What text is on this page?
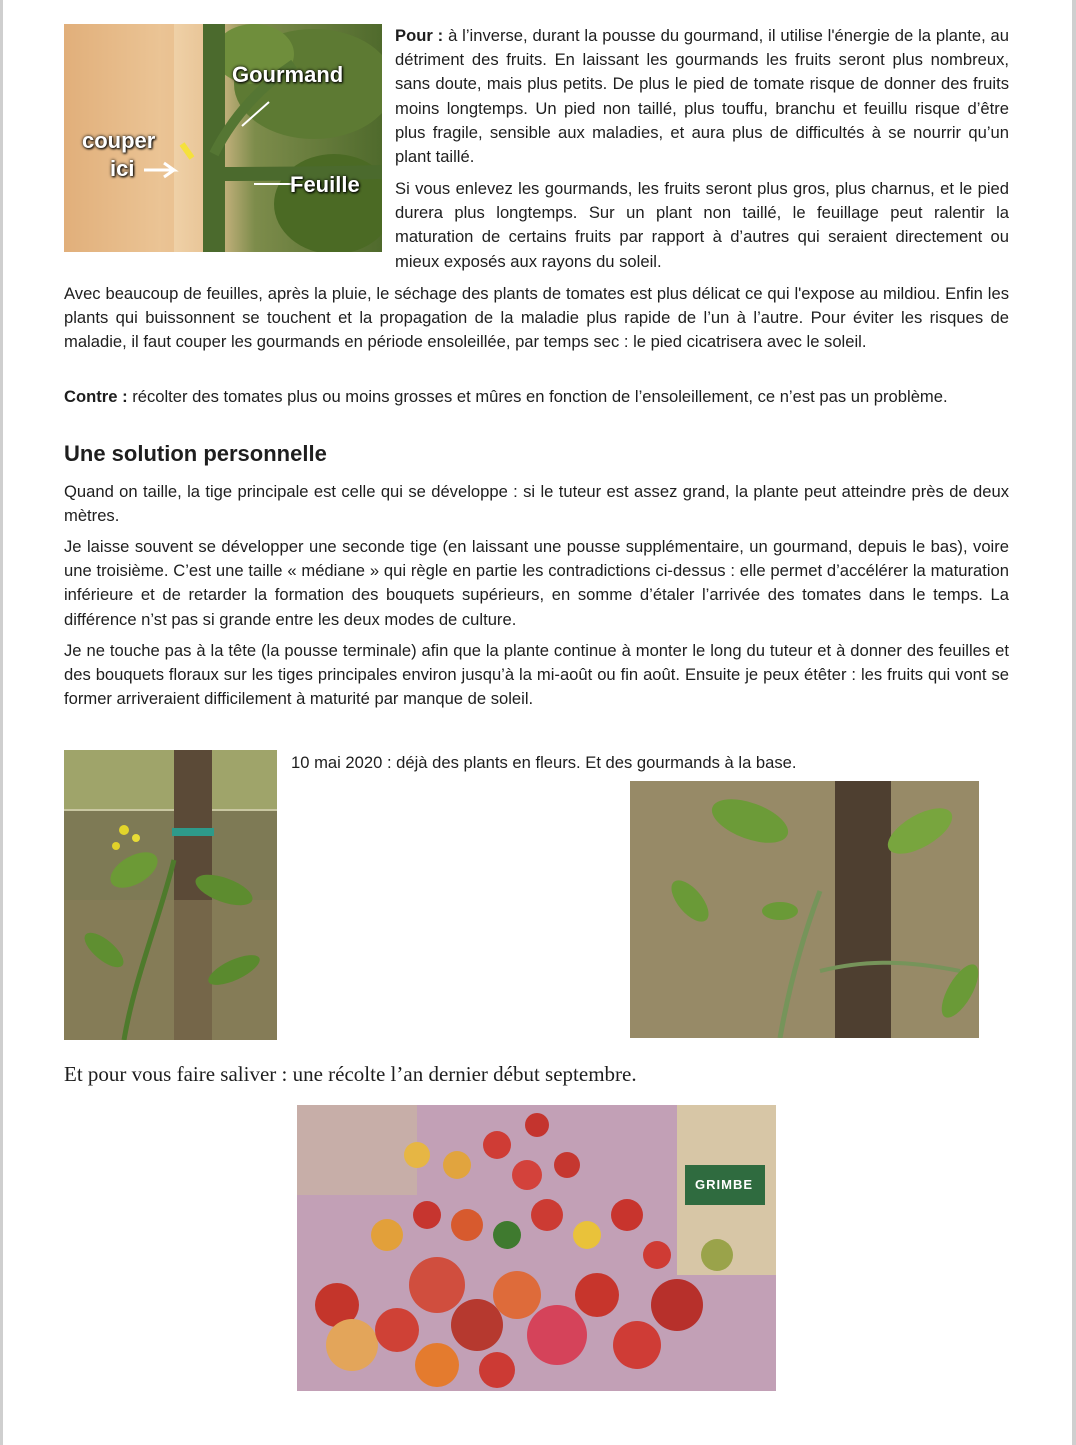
Gourmand
couper
ici
Feuille

Pour : à l’inverse, durant la pousse du gourmand, il utilise l'énergie de la plante, au détriment des fruits. En laissant les gourmands les fruits seront plus nombreux, sans doute, mais plus petits. De plus le pied de tomate risque de donner des fruits moins longtemps. Un pied non taillé, plus touffu, branchu et feuillu risque d’être plus fragile, sensible aux maladies, et aura plus de difficultés à se nourrir qu’un plant taillé.

Si vous enlevez les gourmands, les fruits seront plus gros, plus charnus, et le pied durera plus longtemps. Sur un plant non taillé, le feuillage peut ralentir la maturation de certains fruits par rapport à d’autres qui seraient directement ou mieux exposés aux rayons du soleil.

Avec beaucoup de feuilles, après la pluie, le séchage des plants de tomates est plus délicat ce qui l'expose au mildiou. Enfin les plants qui buissonnent se touchent et la propagation de la maladie plus rapide de l’un à l’autre. Pour éviter les risques de maladie, il faut couper les gourmands en période ensoleillée, par temps sec : le pied cicatrisera avec le soleil.

Contre : récolter des tomates plus ou moins grosses et mûres en fonction de l’ensoleillement, ce n’est pas un problème.

Une solution personnelle

Quand on taille, la tige principale est celle qui se développe : si le tuteur est assez grand, la plante peut atteindre près de deux mètres.

Je laisse souvent se développer une seconde tige (en laissant une pousse supplémentaire, un gourmand, depuis le bas), voire une troisième. C’est une taille « médiane » qui règle en partie les contradictions ci-dessus : elle permet d’accélérer la maturation inférieure et de retarder la formation des bouquets supérieurs, en somme d’étaler l’arrivée des tomates dans le temps. La différence n’st pas si grande entre les deux modes de culture.

Je ne touche pas à la tête (la pousse terminale) afin que la plante continue à monter le long du tuteur et à donner des feuilles et des bouquets floraux sur les tiges principales environ jusqu’à la mi-août ou fin août. Ensuite je peux étêter : les fruits qui vont se former arriveraient difficilement à maturité par manque de soleil.

10 mai 2020 : déjà des plants en fleurs. Et des gourmands à la base.

Et pour vous faire saliver : une récolte l’an dernier début septembre.

GRIMBE
